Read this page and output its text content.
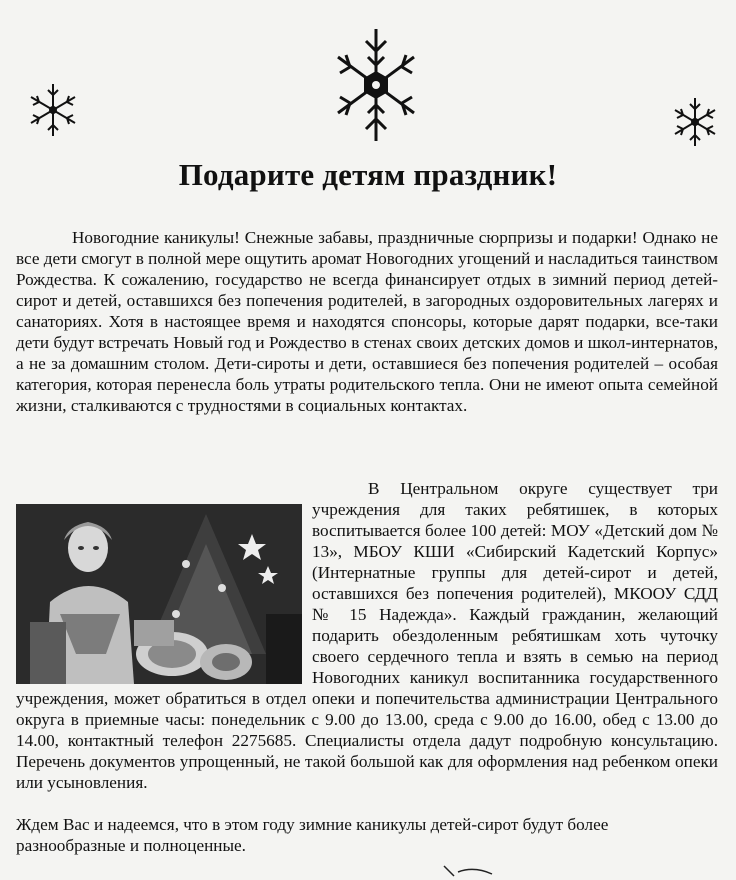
Подарите детям праздник!

Новогодние каникулы! Снежные забавы, праздничные сюрпризы и подарки! Однако не все дети смогут в полной мере ощутить аромат Новогодних угощений и насладиться таинством Рождества. К сожалению, государство не всегда финансирует отдых в зимний период детей-сирот и детей, оставшихся без попечения родителей, в загородных оздоровительных лагерях и санаториях. Хотя в настоящее время и находятся спонсоры, которые дарят подарки, все-таки дети будут встречать Новый год и Рождество в стенах своих детских домов и школ-интернатов, а не за домашним столом. Дети-сироты и дети, оставшиеся без попечения родителей – особая категория, которая перенесла боль утраты родительского тепла. Они не имеют опыта семейной жизни, сталкиваются с трудностями в социальных контактах.

В Центральном округе существует три учреждения для таких ребятишек, в которых воспитывается более 100 детей: МОУ «Детский дом № 13», МБОУ КШИ «Сибирский Кадетский Корпус» (Интернатные группы для детей-сирот и детей, оставшихся без попечения родителей), МКООУ СДД № 15 Надежда». Каждый гражданин, желающий подарить обездоленным ребятишкам хоть чуточку своего сердечного тепла и взять в семью на период Новогодних каникул воспитанника государственного учреждения, может обратиться в отдел опеки и попечительства администрации Центрального округа в приемные часы: понедельник с 9.00 до 13.00, среда с 9.00 до 16.00, обед с 13.00 до 14.00, контактный телефон 2275685. Специалисты отдела дадут подробную консультацию. Перечень документов упрощенный, не такой большой как для оформления над ребенком опеки или усыновления.

Ждем Вас и надеемся, что в этом году зимние каникулы детей-сирот будут более разнообразные и полноценные.
